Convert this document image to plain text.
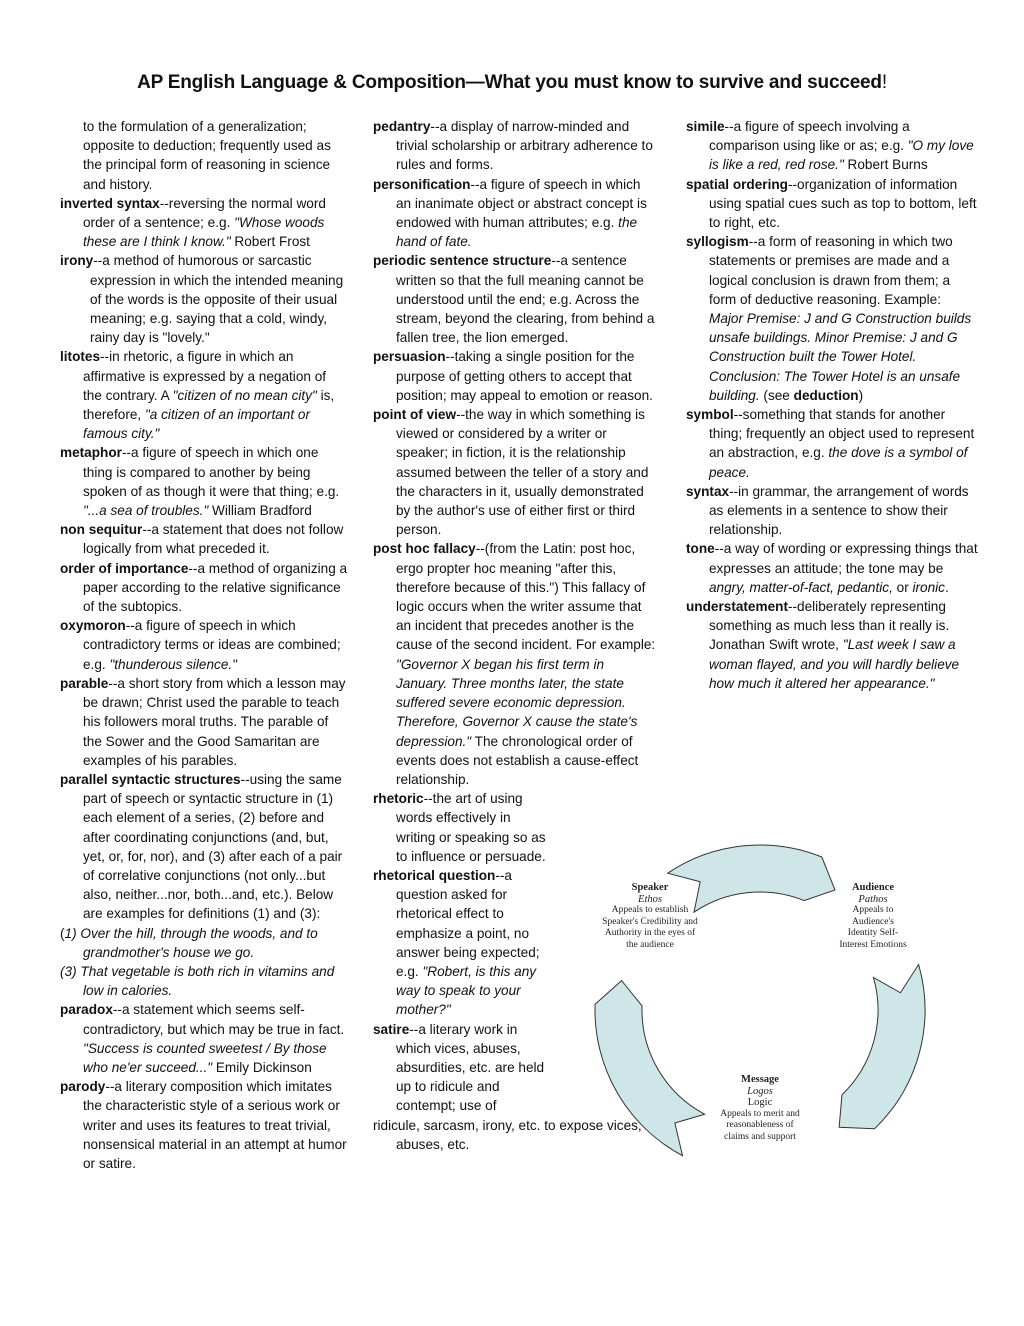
AP English Language & Composition—What you must know to survive and succeed!

to the formulation of a generalization; opposite to deduction; frequently used as the principal form of reasoning in science and history.

inverted syntax--reversing the normal word order of a sentence; e.g. "Whose woods these are I think I know." Robert Frost

irony--a method of humorous or sarcastic expression in which the intended meaning of the words is the opposite of their usual meaning; e.g. saying that a cold, windy, rainy day is "lovely."

litotes--in rhetoric, a figure in which an affirmative is expressed by a negation of the contrary. A "citizen of no mean city" is, therefore, "a citizen of an important or famous city."

metaphor--a figure of speech in which one thing is compared to another by being spoken of as though it were that thing; e.g. "...a sea of troubles." William Bradford

non sequitur--a statement that does not follow logically from what preceded it.

order of importance--a method of organizing a paper according to the relative significance of the subtopics.

oxymoron--a figure of speech in which contradictory terms or ideas are combined; e.g. "thunderous silence."

parable--a short story from which a lesson may be drawn; Christ used the parable to teach his followers moral truths. The parable of the Sower and the Good Samaritan are examples of his parables.

parallel syntactic structures--using the same part of speech or syntactic structure in (1) each element of a series, (2) before and after coordinating conjunctions (and, but, yet, or, for, nor), and (3) after each of a pair of correlative conjunctions (not only...but also, neither...nor, both...and, etc.). Below are examples for definitions (1) and (3):
(1) Over the hill, through the woods, and to grandmother's house we go.
(3) That vegetable is both rich in vitamins and low in calories.

paradox--a statement which seems self-contradictory, but which may be true in fact. "Success is counted sweetest / By those who ne'er succeed..." Emily Dickinson

parody--a literary composition which imitates the characteristic style of a serious work or writer and uses its features to treat trivial, nonsensical material in an attempt at humor or satire.

pedantry--a display of narrow-minded and trivial scholarship or arbitrary adherence to rules and forms.

personification--a figure of speech in which an inanimate object or abstract concept is endowed with human attributes; e.g. the hand of fate.

periodic sentence structure--a sentence written so that the full meaning cannot be understood until the end; e.g. Across the stream, beyond the clearing, from behind a fallen tree, the lion emerged.

persuasion--taking a single position for the purpose of getting others to accept that position; may appeal to emotion or reason.

point of view--the way in which something is viewed or considered by a writer or speaker; in fiction, it is the relationship assumed between the teller of a story and the characters in it, usually demonstrated by the author's use of either first or third person.

post hoc fallacy--(from the Latin: post hoc, ergo propter hoc meaning "after this, therefore because of this.") This fallacy of logic occurs when the writer assume that an incident that precedes another is the cause of the second incident. For example: "Governor X began his first term in January. Three months later, the state suffered severe economic depression. Therefore, Governor X cause the state's depression." The chronological order of events does not establish a cause-effect relationship.

rhetoric--the art of using words effectively in writing or speaking so as to influence or persuade.

rhetorical question--a question asked for rhetorical effect to emphasize a point, no answer being expected; e.g. "Robert, is this any way to speak to your mother?"

satire--a literary work in which vices, abuses, absurdities, etc. are held up to ridicule and contempt; use of
ridicule, sarcasm, irony, etc. to expose vices, abuses, etc.

simile--a figure of speech involving a comparison using like or as; e.g. "O my love is like a red, red rose." Robert Burns

spatial ordering--organization of information using spatial cues such as top to bottom, left to right, etc.

syllogism--a form of reasoning in which two statements or premises are made and a logical conclusion is drawn from them; a form of deductive reasoning. Example: Major Premise: J and G Construction builds unsafe buildings. Minor Premise: J and G Construction built the Tower Hotel. Conclusion: The Tower Hotel is an unsafe building. (see deduction)

symbol--something that stands for another thing; frequently an object used to represent an abstraction, e.g. the dove is a symbol of peace.

syntax--in grammar, the arrangement of words as elements in a sentence to show their relationship.

tone--a way of wording or expressing things that expresses an attitude; the tone may be angry, matter-of-fact, pedantic, or ironic.

understatement--deliberately representing something as much less than it really is. Jonathan Swift wrote, "Last week I saw a woman flayed, and you will hardly believe how much it altered her appearance."

Speaker
Ethos
Appeals to establish Speaker's Credibility and Authority in the eyes of the audience
Audience
Pathos
Appeals to Audience's Identity Self-Interest Emotions
Message
Logos
Logic
Appeals to merit and reasonableness of claims and support
